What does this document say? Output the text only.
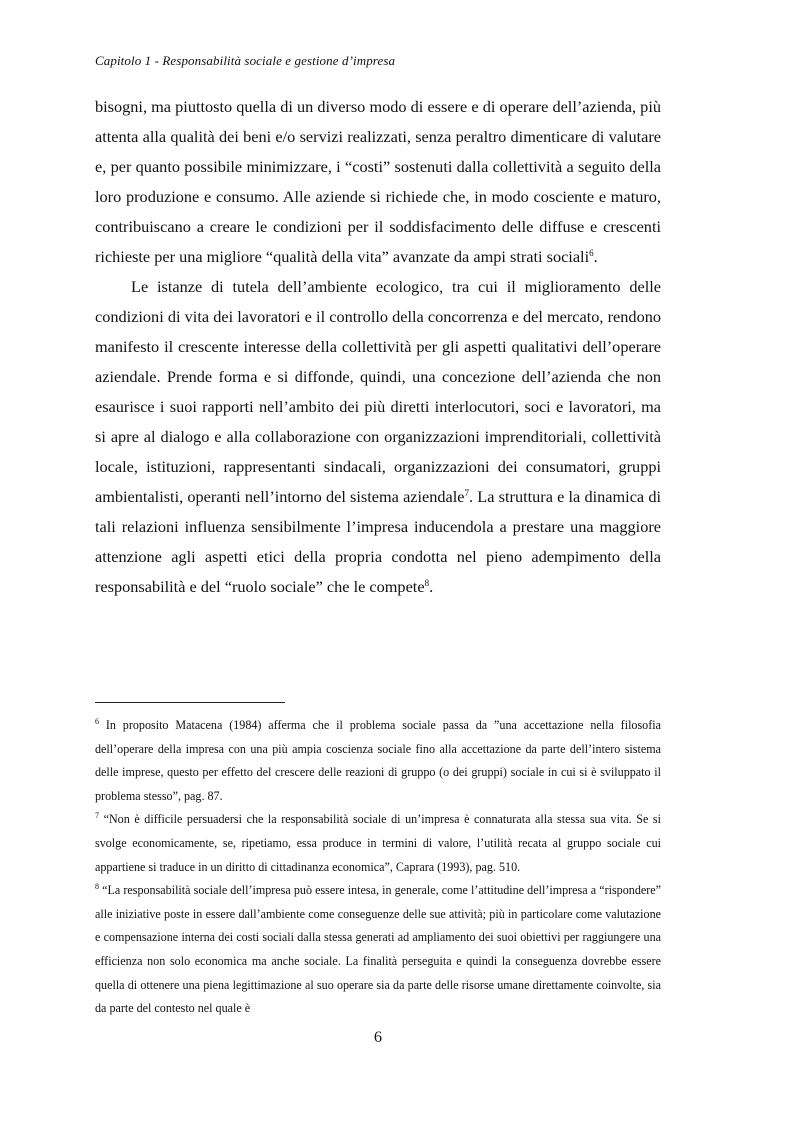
Capitolo 1 - Responsabilità sociale e gestione d’impresa

bisogni, ma piuttosto quella di un diverso modo di essere e di operare dell’azienda, più attenta alla qualità dei beni e/o servizi realizzati, senza peraltro dimenticare di valutare e, per quanto possibile minimizzare, i “costi” sostenuti dalla collettività a seguito della loro produzione e consumo. Alle aziende si richiede che, in modo cosciente e maturo, contribuiscano a creare le condizioni per il soddisfacimento delle diffuse e crescenti richieste per una migliore “qualità della vita” avanzate da ampi strati sociali$^6$.

Le istanze di tutela dell’ambiente ecologico, tra cui il miglioramento delle condizioni di vita dei lavoratori e il controllo della concorrenza e del mercato, rendono manifesto il crescente interesse della collettività per gli aspetti qualitativi dell’operare aziendale. Prende forma e si diffonde, quindi, una concezione dell’azienda che non esaurisce i suoi rapporti nell’ambito dei più diretti interlocutori, soci e lavoratori, ma si apre al dialogo e alla collaborazione con organizzazioni imprenditoriali, collettività locale, istituzioni, rappresentanti sindacali, organizzazioni dei consumatori, gruppi ambientalisti, operanti nell’intorno del sistema aziendale$^7$. La struttura e la dinamica di tali relazioni influenza sensibilmente l’impresa inducendola a prestare una maggiore attenzione agli aspetti etici della propria condotta nel pieno adempimento della responsabilità e del “ruolo sociale” che le compete$^8$.

$^6$ In proposito Matacena (1984) afferma che il problema sociale passa da ”una accettazione nella filosofia dell’operare della impresa con una più ampia coscienza sociale fino alla accettazione da parte dell’intero sistema delle imprese, questo per effetto del crescere delle reazioni di gruppo (o dei gruppi) sociale in cui si è sviluppato il problema stesso”, pag. 87.

$^7$ “Non è difficile persuadersi che la responsabilità sociale di un’impresa è connaturata alla stessa sua vita. Se si svolge economicamente, se, ripetiamo, essa produce in termini di valore, l’utilità recata al gruppo sociale cui appartiene si traduce in un diritto di cittadinanza economica”, Caprara (1993), pag. 510.

$^8$ “La responsabilità sociale dell’impresa può essere intesa, in generale, come l’attitudine dell’impresa a “rispondere” alle iniziative poste in essere dall’ambiente come conseguenze delle sue attività; più in particolare come valutazione e compensazione interna dei costi sociali dalla stessa generati ad ampliamento dei suoi obiettivi per raggiungere una efficienza non solo economica ma anche sociale. La finalità perseguita e quindi la conseguenza dovrebbe essere quella di ottenere una piena legittimazione al suo operare sia da parte delle risorse umane direttamente coinvolte, sia da parte del contesto nel quale è

6
